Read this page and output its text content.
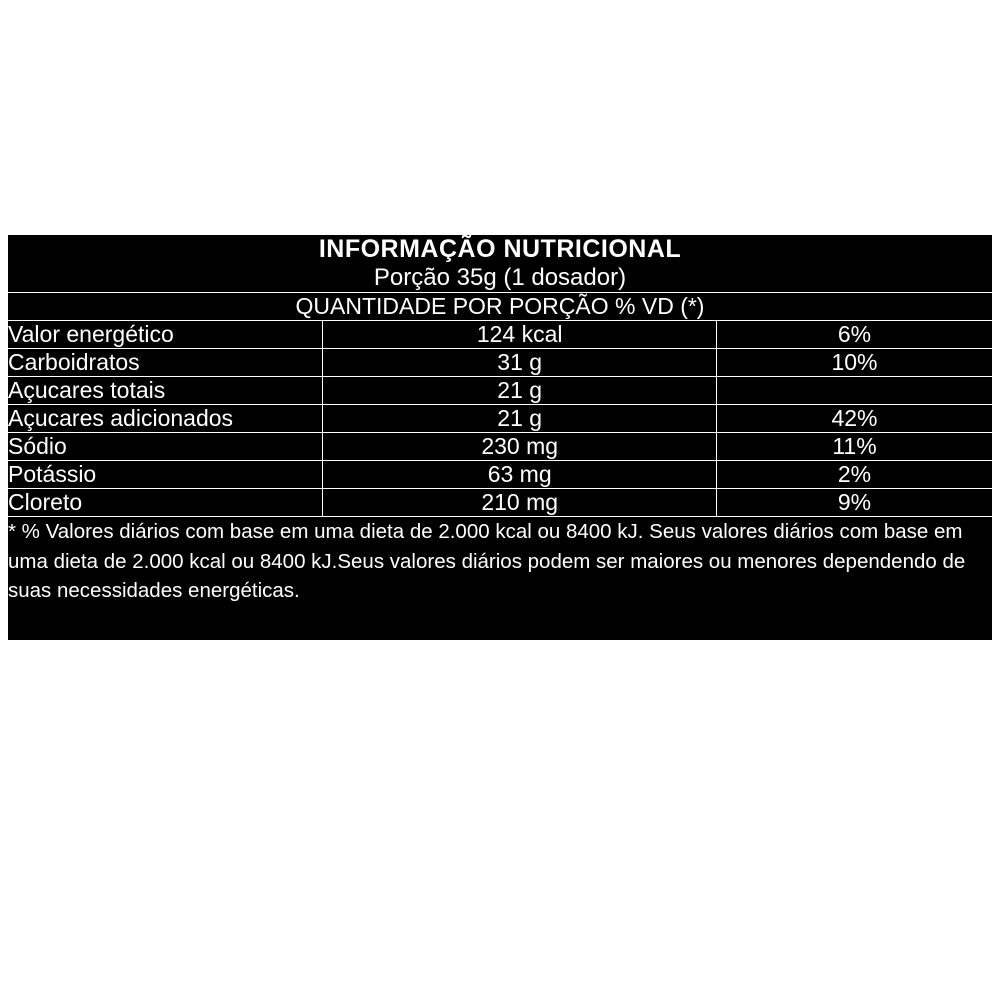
INFORMAÇÃO NUTRICIONAL		
Porção 35g (1 dosador)		
QUANTIDADE POR PORÇÃO % VD (*)		
Valor energético	124 kcal	6%
Carboidratos	31 g	10%
Açucares totais	21 g	
Açucares adicionados	21 g	42%
Sódio	230 mg	11%
Potássio	63 mg	2%
Cloreto	210 mg	9%

* % Valores diários com base em uma dieta de 2.000 kcal ou 8400 kJ. Seus valores diários com base em uma dieta de 2.000 kcal ou 8400 kJ.Seus valores diários podem ser maiores ou menores dependendo de suas necessidades energéticas.		
